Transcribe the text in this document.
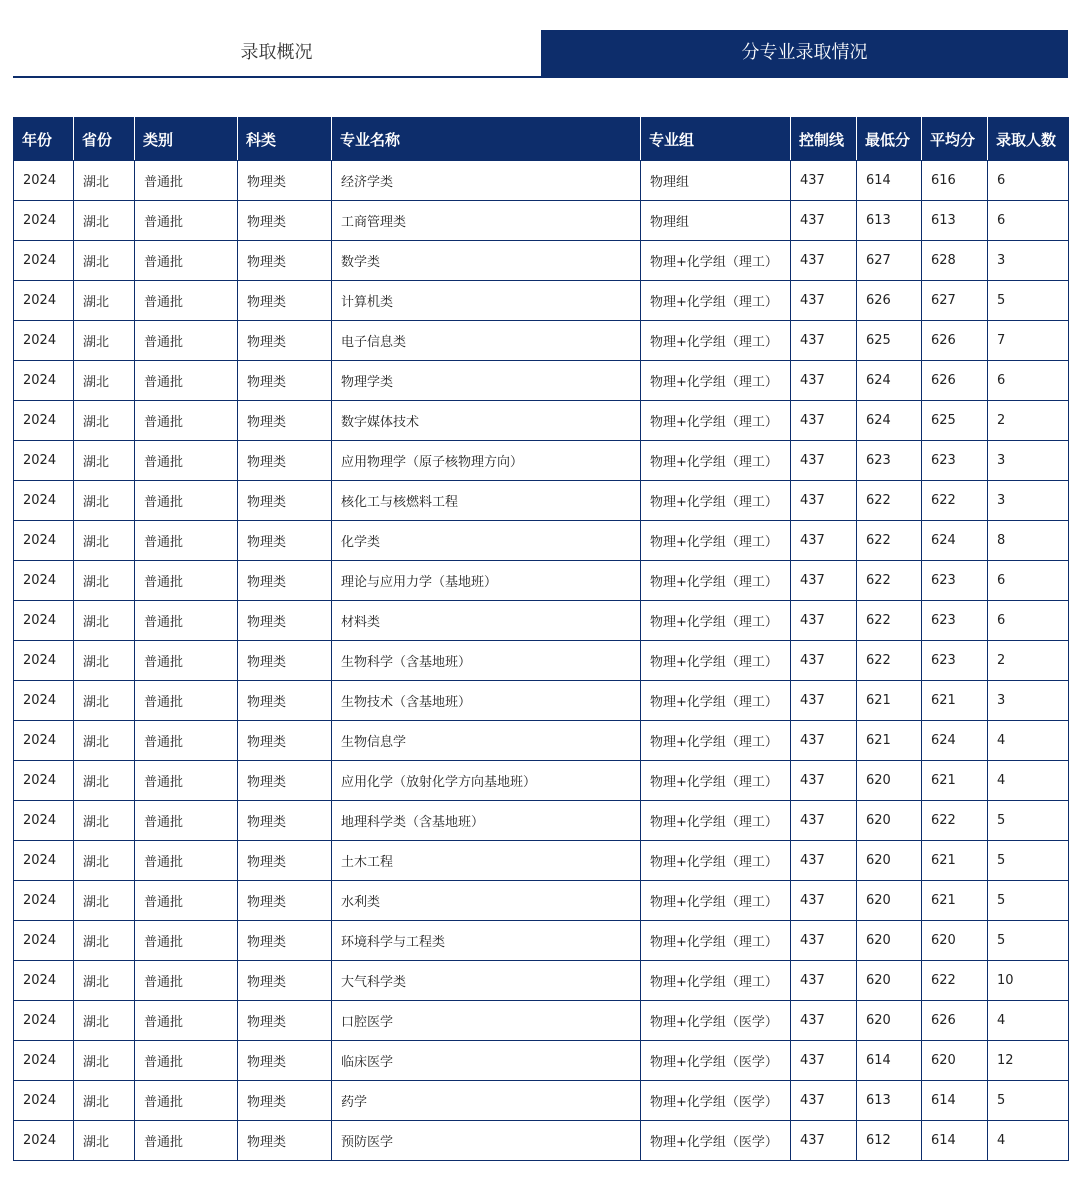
录取概况	分专业录取情况
年份	省份	类别	科类	专业名称	专业组	控制线	最低分	平均分	录取人数
2024	湖北	普通批	物理类	经济学类	物理组	437	614	616	6
2024	湖北	普通批	物理类	工商管理类	物理组	437	613	613	6
2024	湖北	普通批	物理类	数学类	物理+化学组（理工）	437	627	628	3
2024	湖北	普通批	物理类	计算机类	物理+化学组（理工）	437	626	627	5
2024	湖北	普通批	物理类	电子信息类	物理+化学组（理工）	437	625	626	7
2024	湖北	普通批	物理类	物理学类	物理+化学组（理工）	437	624	626	6
2024	湖北	普通批	物理类	数字媒体技术	物理+化学组（理工）	437	624	625	2
2024	湖北	普通批	物理类	应用物理学（原子核物理方向）	物理+化学组（理工）	437	623	623	3
2024	湖北	普通批	物理类	核化工与核燃料工程	物理+化学组（理工）	437	622	622	3
2024	湖北	普通批	物理类	化学类	物理+化学组（理工）	437	622	624	8
2024	湖北	普通批	物理类	理论与应用力学（基地班）	物理+化学组（理工）	437	622	623	6
2024	湖北	普通批	物理类	材料类	物理+化学组（理工）	437	622	623	6
2024	湖北	普通批	物理类	生物科学（含基地班）	物理+化学组（理工）	437	622	623	2
2024	湖北	普通批	物理类	生物技术（含基地班）	物理+化学组（理工）	437	621	621	3
2024	湖北	普通批	物理类	生物信息学	物理+化学组（理工）	437	621	624	4
2024	湖北	普通批	物理类	应用化学（放射化学方向基地班）	物理+化学组（理工）	437	620	621	4
2024	湖北	普通批	物理类	地理科学类（含基地班）	物理+化学组（理工）	437	620	622	5
2024	湖北	普通批	物理类	土木工程	物理+化学组（理工）	437	620	621	5
2024	湖北	普通批	物理类	水利类	物理+化学组（理工）	437	620	621	5
2024	湖北	普通批	物理类	环境科学与工程类	物理+化学组（理工）	437	620	620	5
2024	湖北	普通批	物理类	大气科学类	物理+化学组（理工）	437	620	622	10
2024	湖北	普通批	物理类	口腔医学	物理+化学组（医学）	437	620	626	4
2024	湖北	普通批	物理类	临床医学	物理+化学组（医学）	437	614	620	12
2024	湖北	普通批	物理类	药学	物理+化学组（医学）	437	613	614	5
2024	湖北	普通批	物理类	预防医学	物理+化学组（医学）	437	612	614	4
